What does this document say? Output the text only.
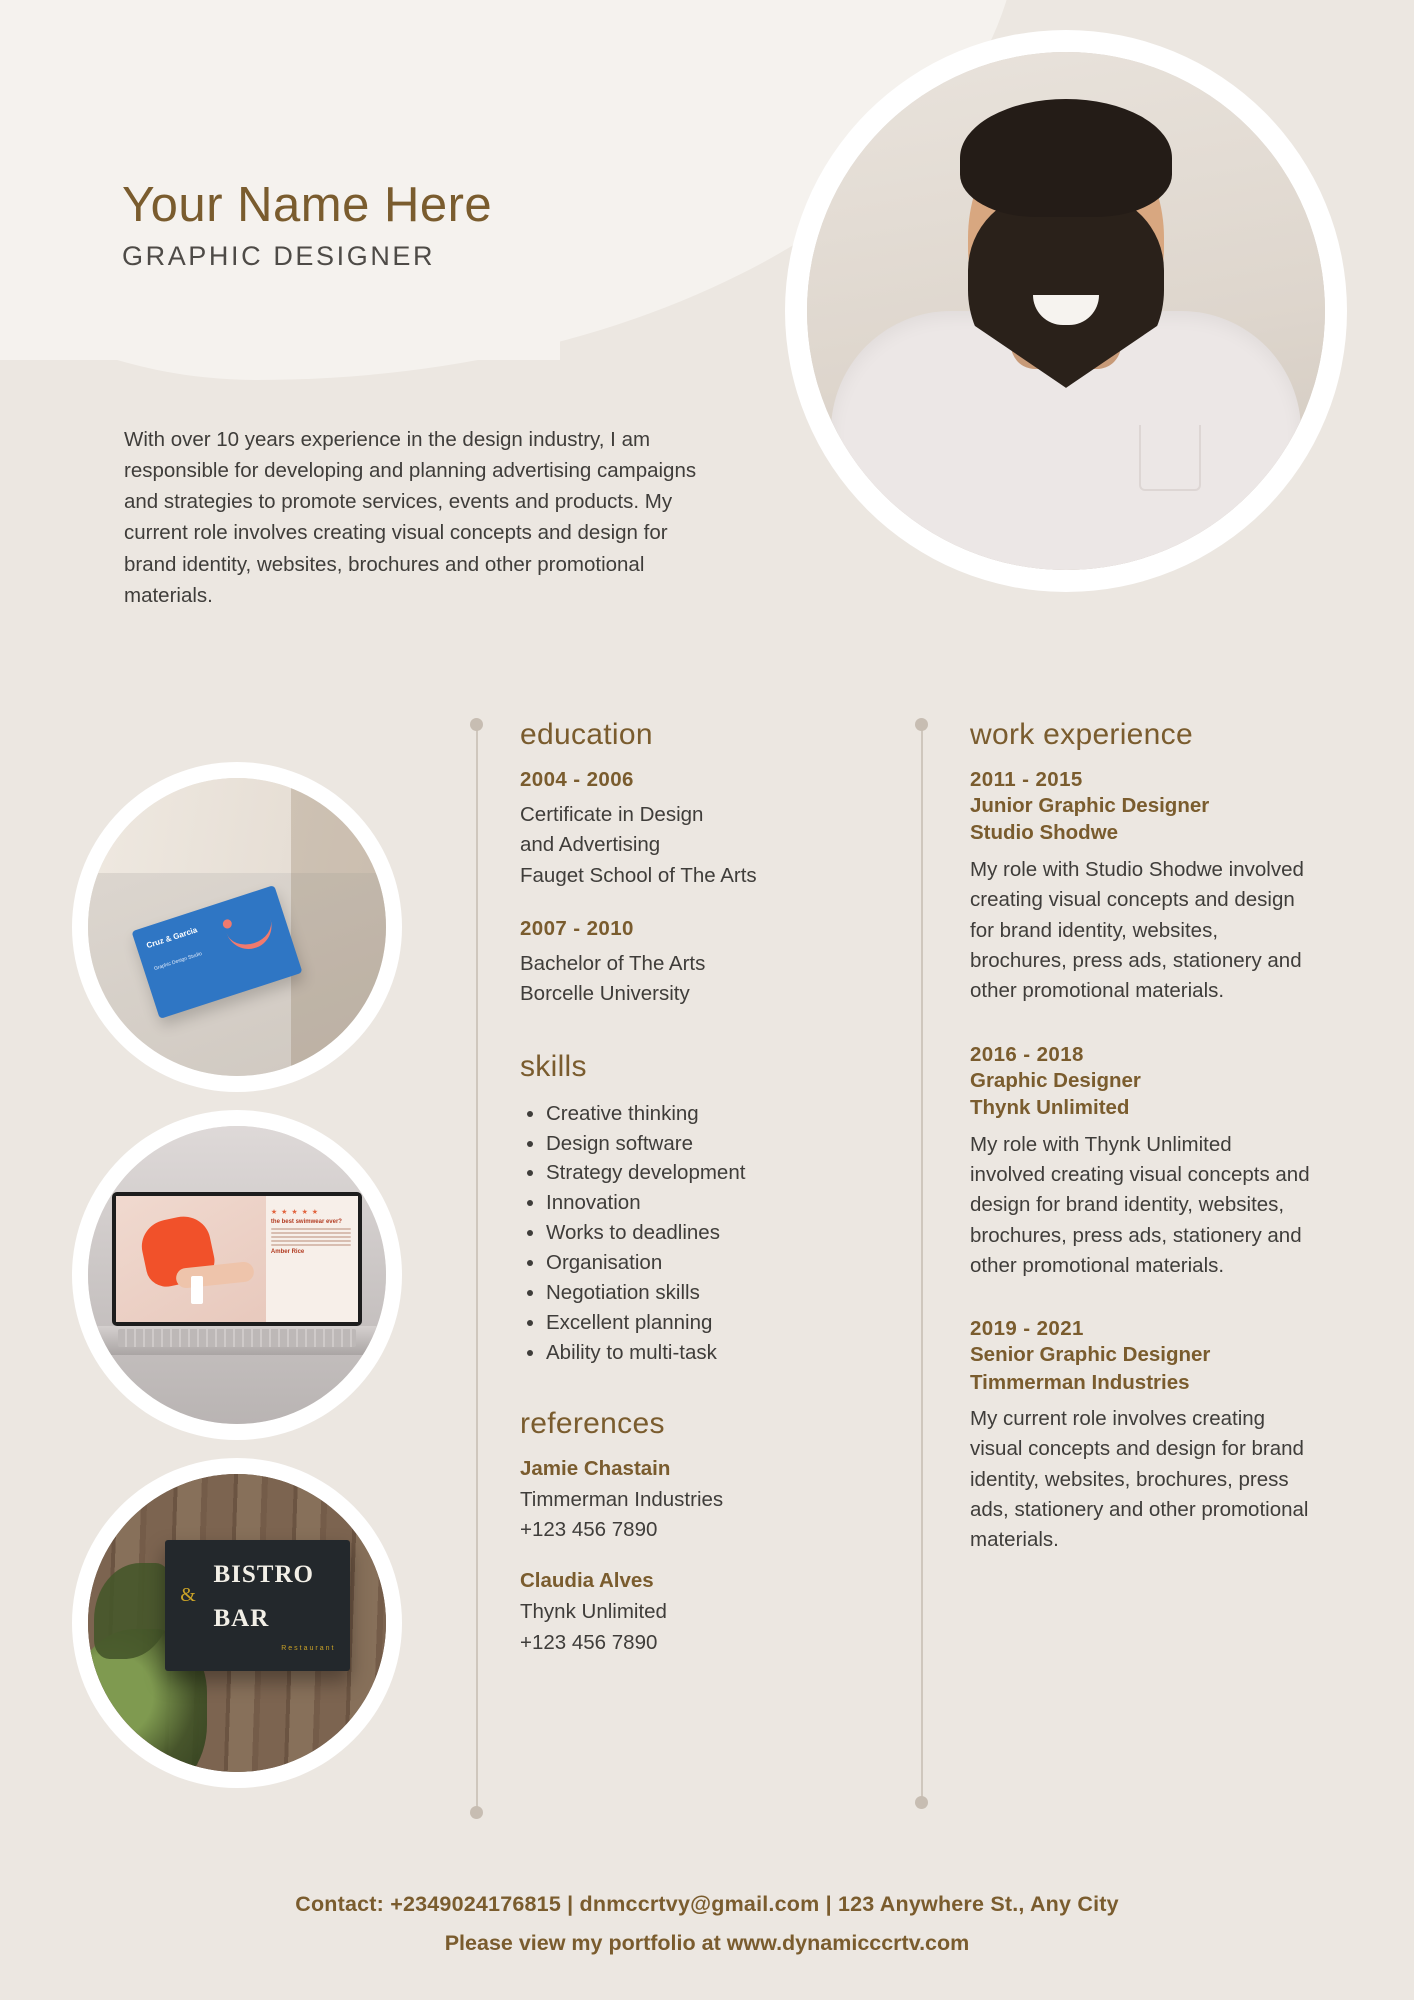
Your Name Here
GRAPHIC DESIGNER
With over 10 years experience in the design industry, I am responsible for developing and planning advertising campaigns and strategies to promote services, events and products. My current role involves creating visual concepts and design for brand identity, websites, brochures and other promotional materials.
Cruz & Garcia
Graphic Design Studio
★ ★ ★ ★ ★
the best swimwear ever?
Amber Rice
&
BISTRO
BAR
Restaurant
education
2004 - 2006
Certificate in Design
and Advertising
Fauget School of The Arts
2007 - 2010
Bachelor of The Arts
Borcelle University
skills
• Creative thinking
• Design software
• Strategy development
• Innovation
• Works to deadlines
• Organisation
• Negotiation skills
• Excellent planning
• Ability to multi-task
references
Jamie Chastain
Timmerman Industries
+123 456 7890
Claudia Alves
Thynk Unlimited
+123 456 7890
work experience
2011 - 2015
Junior Graphic Designer
Studio Shodwe
My role with Studio Shodwe involved creating visual concepts and design for brand identity, websites, brochures, press ads, stationery and other promotional materials.
2016 - 2018
Graphic Designer
Thynk Unlimited
My role with Thynk Unlimited involved creating visual concepts and design for brand identity, websites, brochures, press ads, stationery and other promotional materials.
2019 - 2021
Senior Graphic Designer
Timmerman Industries
My current role involves creating visual concepts and design for brand identity, websites, brochures, press ads, stationery and other promotional materials.
Contact: +2349024176815 | dnmccrtvy@gmail.com | 123 Anywhere St., Any City
Please view my portfolio at www.dynamicccrtv.com
